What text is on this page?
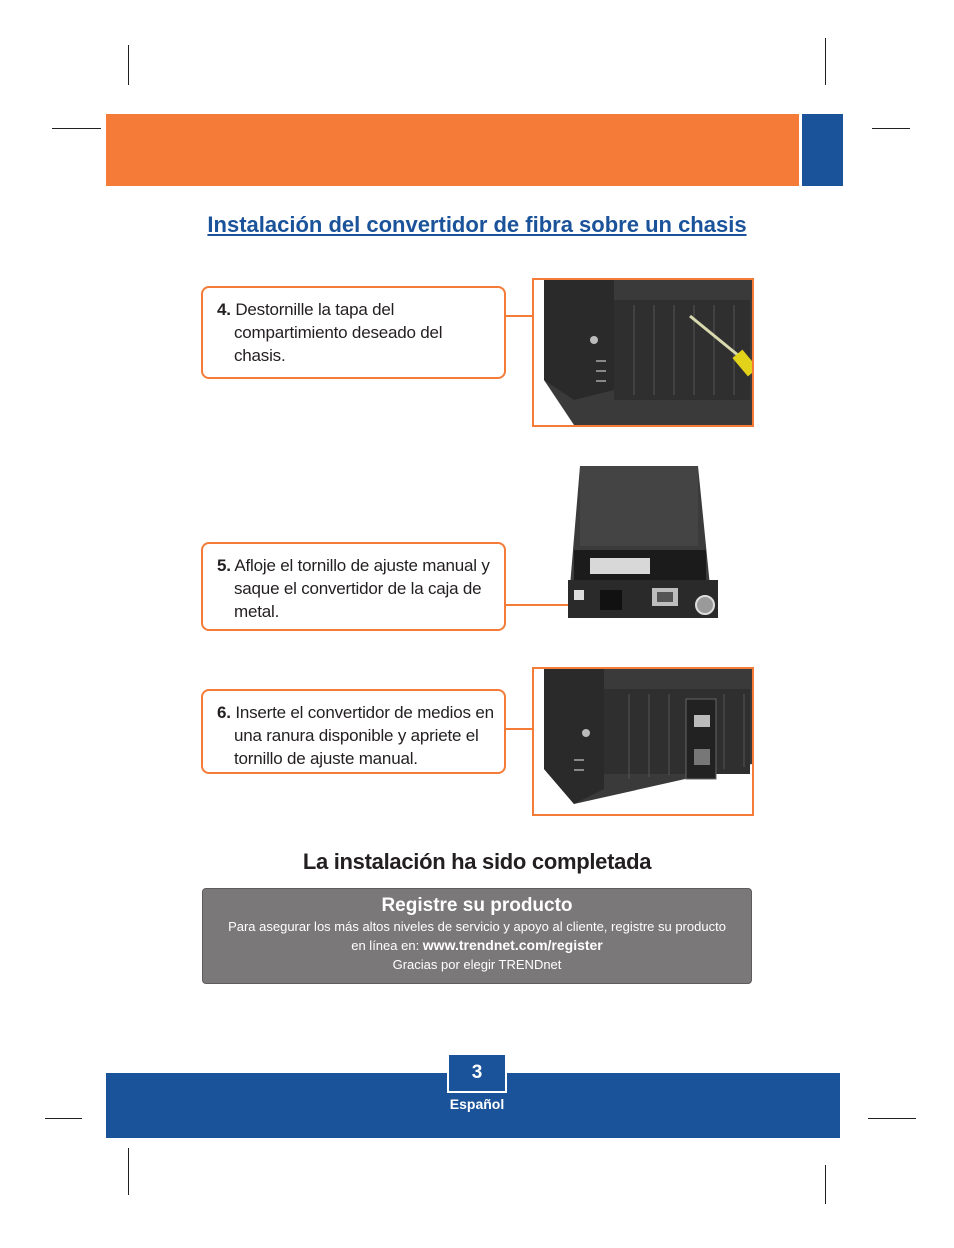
Instalación del convertidor de fibra sobre un chasis
4. Destornille la tapa del compartimiento deseado del chasis.
5. Afloje el tornillo de ajuste manual y saque el convertidor de la caja de metal.
6. Inserte el convertidor de medios en una ranura disponible y apriete el tornillo de ajuste manual.
La instalación ha sido completada
Registre su producto
Para asegurar los más altos niveles de servicio y apoyo al cliente, registre su producto
en línea en: www.trendnet.com/register
Gracias por elegir TRENDnet
3
Español
